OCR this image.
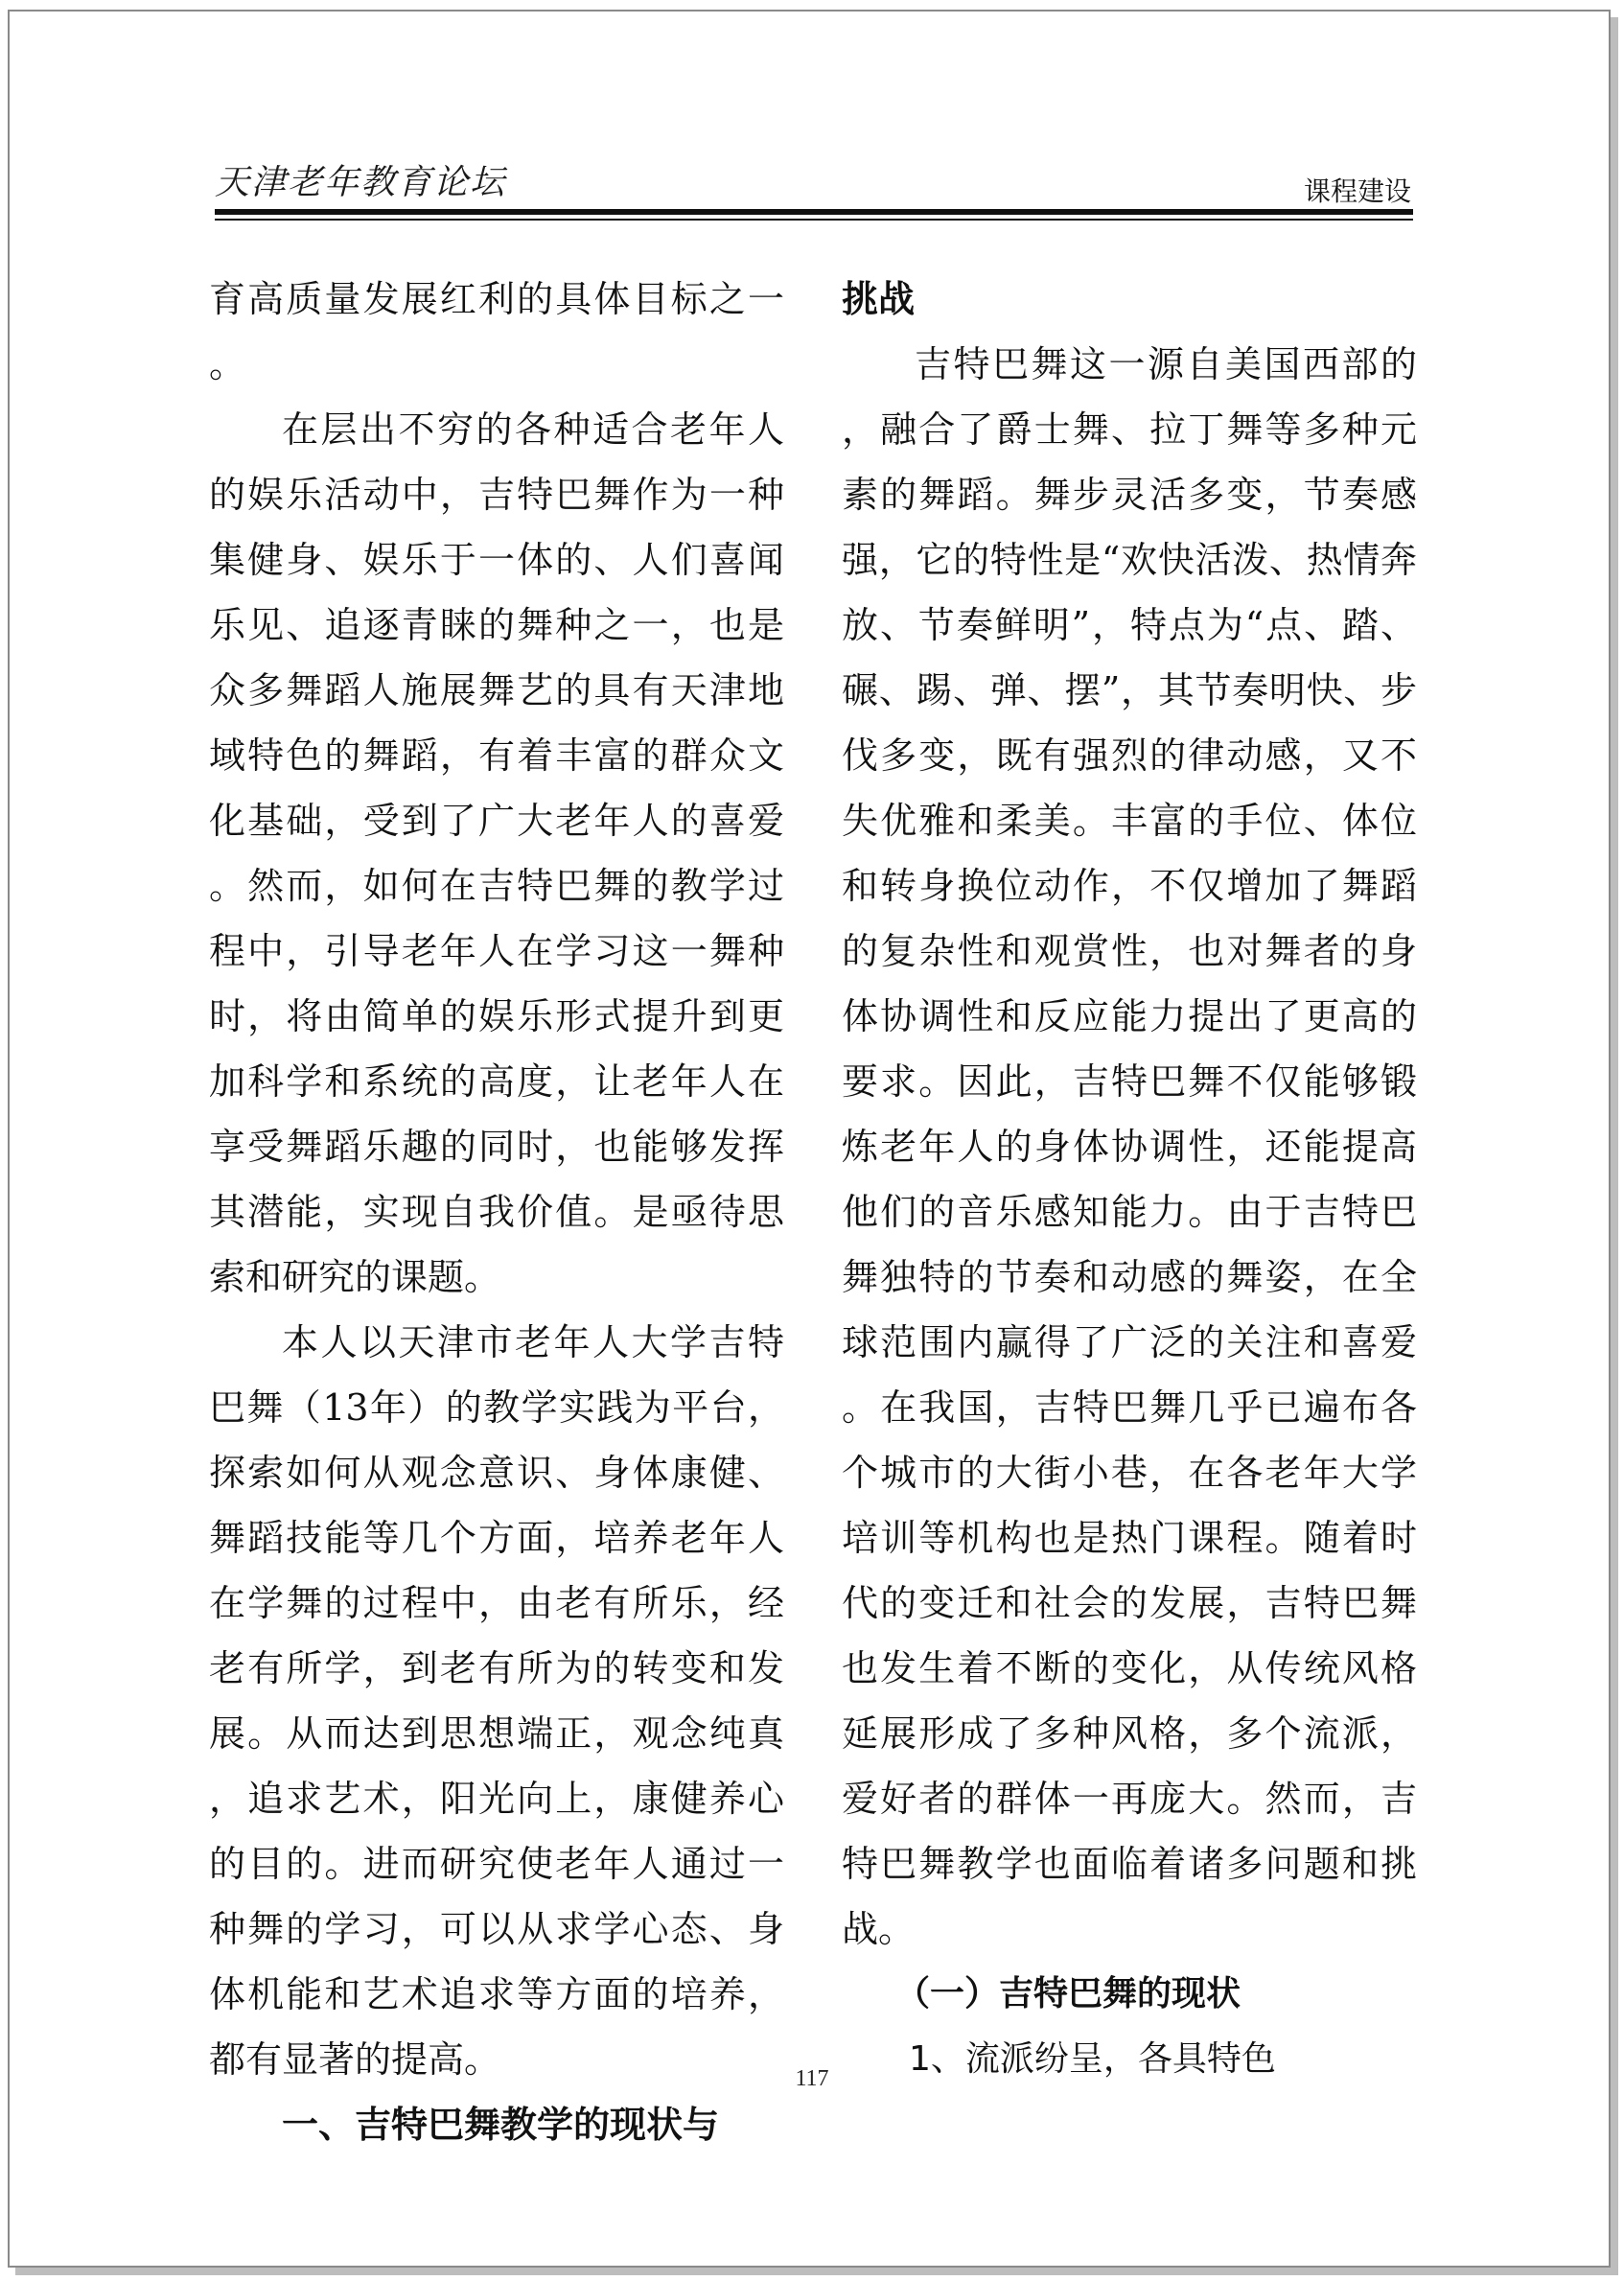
天津老年教育论坛	课程建设

育高质量发展红利的具体目标之一。

在层出不穷的各种适合老年人的娱乐活动中，吉特巴舞作为一种集健身、娱乐于一体的、人们喜闻乐见、追逐青睐的舞种之一，也是众多舞蹈人施展舞艺的具有天津地域特色的舞蹈，有着丰富的群众文化基础，受到了广大老年人的喜爱。然而，如何在吉特巴舞的教学过程中，引导老年人在学习这一舞种时，将由简单的娱乐形式提升到更加科学和系统的高度，让老年人在享受舞蹈乐趣的同时，也能够发挥其潜能，实现自我价值。是亟待思索和研究的课题。

本人以天津市老年人大学吉特巴舞（13年）的教学实践为平台，探索如何从观念意识、身体康健、舞蹈技能等几个方面，培养老年人在学舞的过程中，由老有所乐，经老有所学，到老有所为的转变和发展。从而达到思想端正，观念纯真，追求艺术，阳光向上，康健养心的目的。进而研究使老年人通过一种舞的学习，可以从求学心态、身体机能和艺术追求等方面的培养，都有显著的提高。

一、吉特巴舞教学的现状与

挑战

吉特巴舞这一源自美国西部的，融合了爵士舞、拉丁舞等多种元素的舞蹈。舞步灵活多变，节奏感强，它的特性是“欢快活泼、热情奔放、节奏鲜明”，特点为“点、踏、碾、踢、弹、摆”，其节奏明快、步伐多变，既有强烈的律动感，又不失优雅和柔美。丰富的手位、体位和转身换位动作，不仅增加了舞蹈的复杂性和观赏性，也对舞者的身体协调性和反应能力提出了更高的要求。因此，吉特巴舞不仅能够锻炼老年人的身体协调性，还能提高他们的音乐感知能力。由于吉特巴舞独特的节奏和动感的舞姿，在全球范围内赢得了广泛的关注和喜爱。在我国，吉特巴舞几乎已遍布各个城市的大街小巷，在各老年大学培训等机构也是热门课程。随着时代的变迁和社会的发展，吉特巴舞也发生着不断的变化，从传统风格延展形成了多种风格，多个流派，爱好者的群体一再庞大。然而，吉特巴舞教学也面临着诸多问题和挑战。

（一）吉特巴舞的现状

1、流派纷呈，各具特色

117
